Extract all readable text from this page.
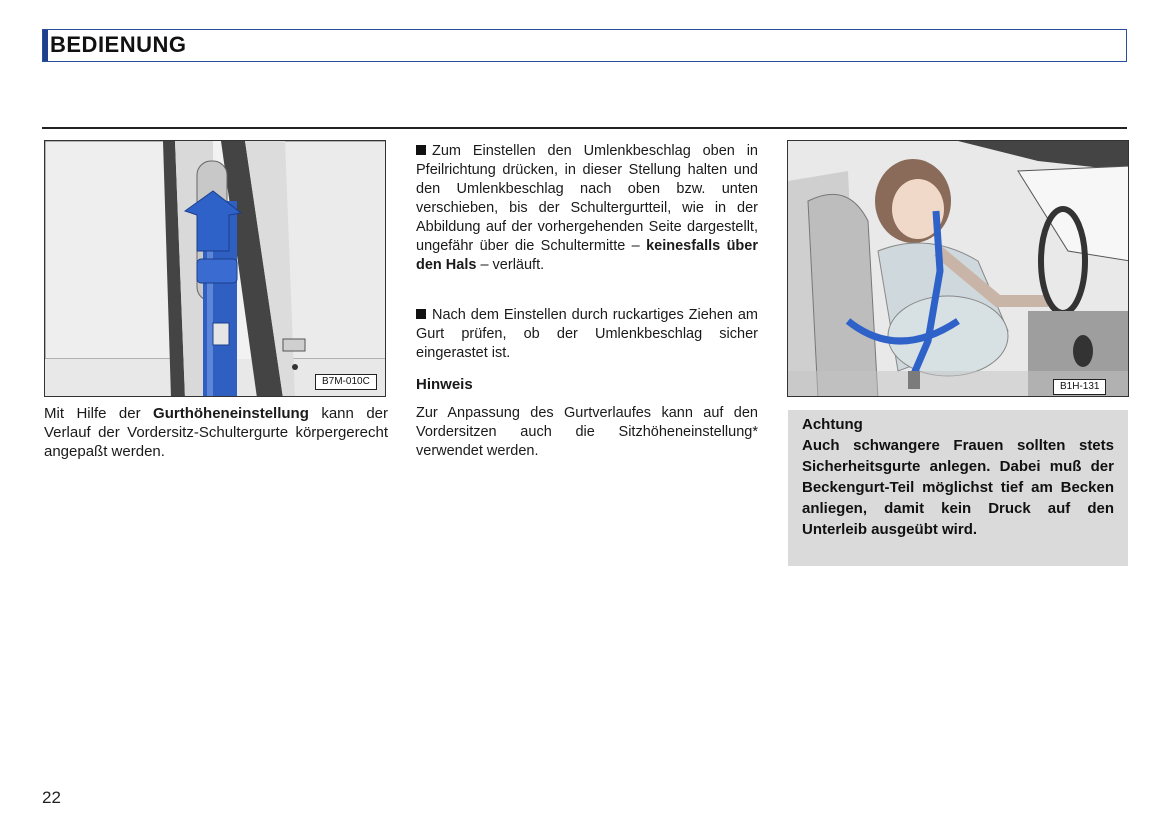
BEDIENUNG
B7M-010C
Mit Hilfe der Gurthöheneinstellung kann der Verlauf der Vordersitz-Schultergurte körpergerecht angepaßt werden.
Zum Einstellen den Umlenkbeschlag oben in Pfeilrichtung drücken, in dieser Stellung halten und den Umlenkbeschlag nach oben bzw. unten verschieben, bis der Schultergurtteil, wie in der Abbildung auf der vorhergehenden Seite dargestellt, ungefähr über die Schultermitte – keinesfalls über den Hals – verläuft.
Nach dem Einstellen durch ruckartiges Ziehen am Gurt prüfen, ob der Umlenkbeschlag sicher eingerastet ist.
Hinweis
Zur Anpassung des Gurtverlaufes kann auf den Vordersitzen auch die Sitzhöheneinstellung* verwendet werden.
B1H-131
Achtung
Auch schwangere Frauen sollten stets Sicherheitsgurte anlegen. Dabei muß der Beckengurt-Teil möglichst tief am Becken anliegen, damit kein Druck auf den Unterleib ausgeübt wird.
22
